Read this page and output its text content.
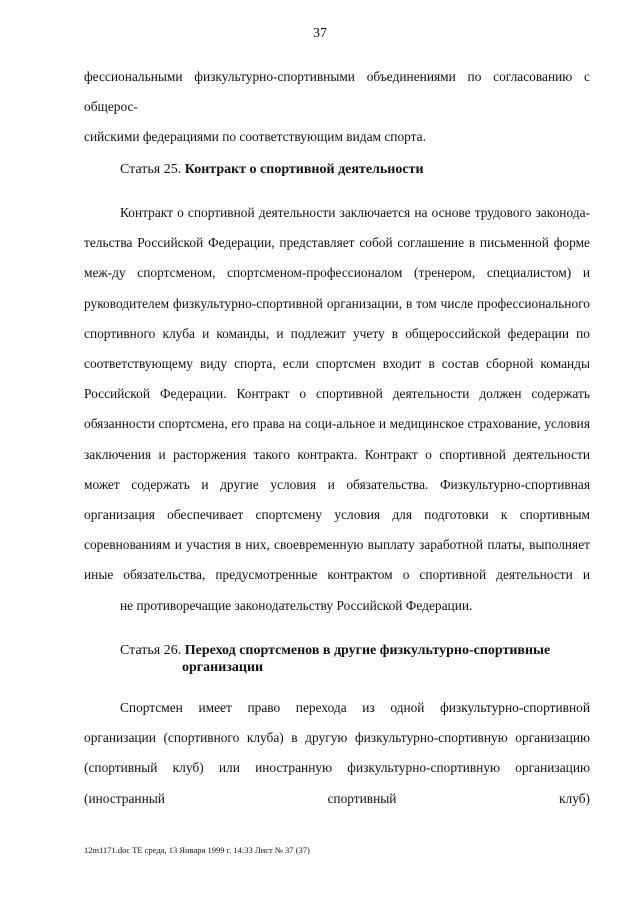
37

фессиональными физкультурно-спортивными объединениями по согласованию с общерос-
сийскими федерациями по соответствующим видам спорта.

Статья 25. Контракт о спортивной деятельности

Контракт о спортивной деятельности заключается на основе трудового законода-тельства Российской Федерации, представляет собой соглашение в письменной форме меж-ду спортсменом, спортсменом-профессионалом (тренером, специалистом) и руководителем физкультурно-спортивной организации, в том числе профессионального спортивного клуба и команды, и подлежит учету в общероссийской федерации по соответствующему виду спорта, если спортсмен входит в состав сборной команды Российской Федерации. Контракт о спортивной деятельности должен содержать обязанности спортсмена, его права на соци-альное и медицинское страхование, условия заключения и расторжения такого контракта. Контракт о спортивной деятельности может содержать и другие условия и обязательства. Физкультурно-спортивная организация обеспечивает спортсмену условия для подготовки к спортивным соревнованиям и участия в них, своевременную выплату заработной платы, выполняет иные обязательства, предусмотренные контрактом о спортивной деятельности и
не противоречащие законодательству Российской Федерации.

Статья 26. Переход спортсменов в другие физкультурно-спортивные
организации

Спортсмен имеет право перехода из одной физкультурно-спортивной организации (спортивного клуба) в другую физкультурно-спортивную организацию (спортивный клуб) или иностранную физкультурно-спортивную организацию (иностранный спортивный клуб)

12m1171.doc TE среда, 13 Января 1999 г. 14:33 Лист № 37 (37)
